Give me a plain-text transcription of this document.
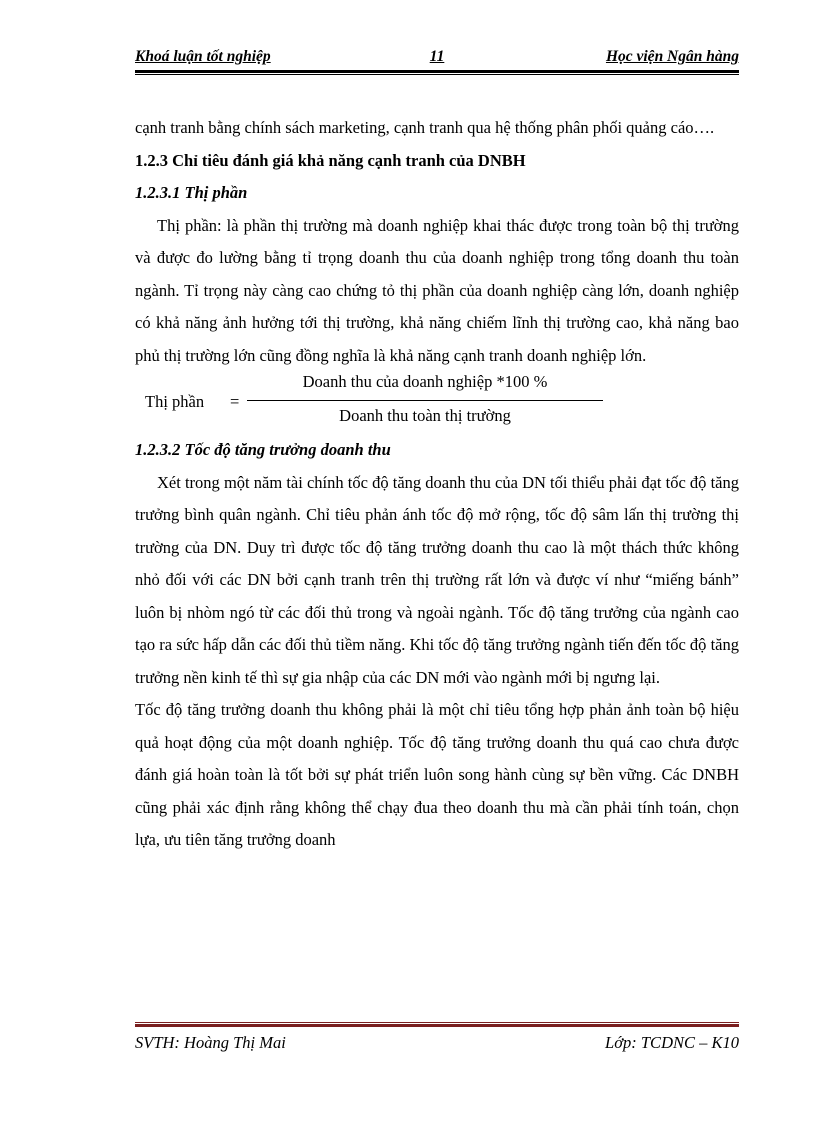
Khoá luận tốt nghiệp	11	Học viện Ngân hàng

cạnh tranh bằng chính sách marketing, cạnh tranh qua hệ thống phân phối quảng cáo….

1.2.3 Chỉ tiêu đánh giá khả năng cạnh tranh của DNBH

1.2.3.1 Thị phần

Thị phần: là phần thị trường mà doanh nghiệp khai thác được trong toàn bộ thị trường và được đo lường bằng tỉ trọng doanh thu của doanh nghiệp trong tổng doanh thu toàn ngành. Tỉ trọng này càng cao chứng tỏ thị phần của doanh nghiệp càng lớn, doanh nghiệp có khả năng ảnh hưởng tới thị trường, khả năng chiếm lĩnh thị trường cao, khả năng bao phủ thị trường lớn cũng đồng nghĩa là khả năng cạnh tranh doanh nghiệp lớn.

Thị phần =
Doanh thu của doanh nghiệp *100 %
Doanh thu toàn thị trường

1.2.3.2 Tốc độ tăng trưởng doanh thu

Xét trong một năm tài chính tốc độ tăng doanh thu của DN tối thiểu phải đạt tốc độ tăng trưởng bình quân ngành. Chỉ tiêu phản ánh tốc độ mở rộng, tốc độ sâm lấn thị trường thị trường của DN. Duy trì được tốc độ tăng trưởng doanh thu cao là một thách thức không nhỏ đối với các DN bởi cạnh tranh trên thị trường rất lớn và được ví như “miếng bánh” luôn bị nhòm ngó từ các đối thủ trong và ngoài ngành. Tốc độ tăng trưởng của ngành cao tạo ra sức hấp dẫn các đối thủ tiềm năng. Khi tốc độ tăng trưởng ngành tiến đến tốc độ tăng trưởng nền kinh tế thì sự gia nhập của các DN mới vào ngành mới bị ngưng lại.

Tốc độ tăng trưởng doanh thu không phải là một chỉ tiêu tổng hợp phản ảnh toàn bộ hiệu quả hoạt động của một doanh nghiệp. Tốc độ tăng trưởng doanh thu quá cao chưa được đánh giá hoàn toàn là tốt bởi sự phát triển luôn song hành cùng sự bền vững. Các DNBH cũng phải xác định rằng không thể chạy đua theo doanh thu mà cần phải tính toán, chọn lựa, ưu tiên tăng trưởng doanh

SVTH: Hoàng Thị Mai	Lớp: TCDNC – K10
